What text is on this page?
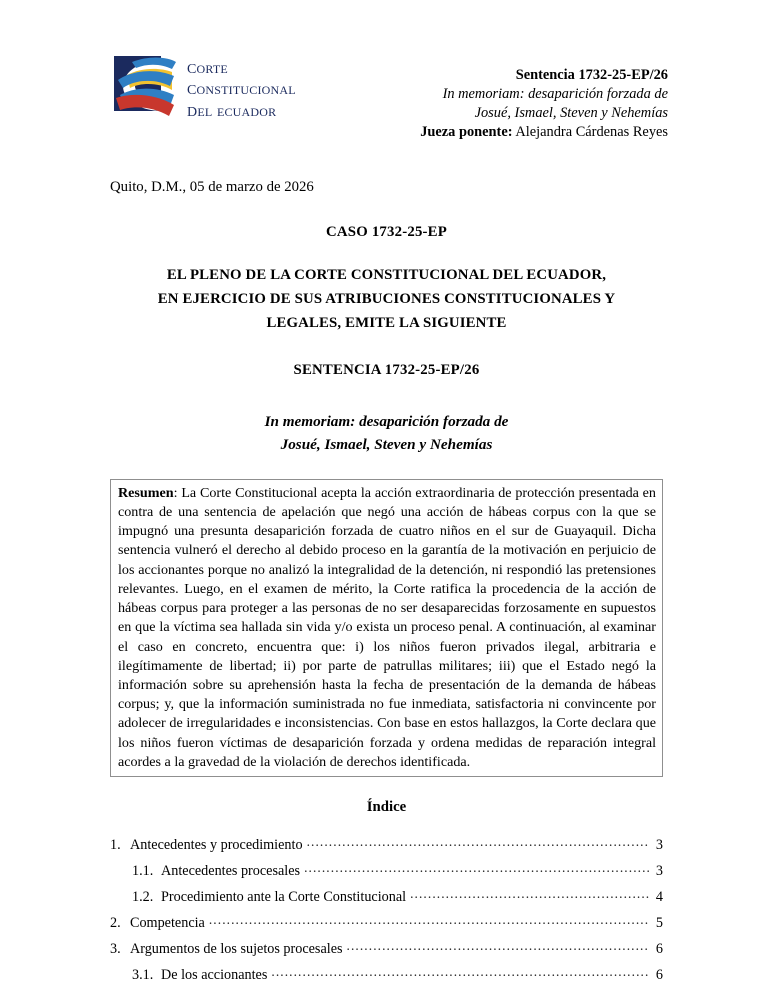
corte
constitucional
del ecuador
Sentencia 1732-25-EP/26
In memoriam: desaparición forzada de
Josué, Ismael, Steven y Nehemías
Jueza ponente: Alejandra Cárdenas Reyes
Quito, D.M., 05 de marzo de 2026
CASO 1732-25-EP
EL PLENO DE LA CORTE CONSTITUCIONAL DEL ECUADOR,
EN EJERCICIO DE SUS ATRIBUCIONES CONSTITUCIONALES Y
LEGALES, EMITE LA SIGUIENTE
SENTENCIA 1732-25-EP/26
In memoriam: desaparición forzada de
Josué, Ismael, Steven y Nehemías
Resumen: La Corte Constitucional acepta la acción extraordinaria de protección presentada en contra de una sentencia de apelación que negó una acción de hábeas corpus con la que se impugnó una presunta desaparición forzada de cuatro niños en el sur de Guayaquil. Dicha sentencia vulneró el derecho al debido proceso en la garantía de la motivación en perjuicio de los accionantes porque no analizó la integralidad de la detención, ni respondió las pretensiones relevantes. Luego, en el examen de mérito, la Corte ratifica la procedencia de la acción de hábeas corpus para proteger a las personas de no ser desaparecidas forzosamente en supuestos en que la víctima sea hallada sin vida y/o exista un proceso penal. A continuación, al examinar el caso en concreto, encuentra que: i) los niños fueron privados ilegal, arbitraria e ilegítimamente de libertad; ii) por parte de patrullas militares; iii) que el Estado negó la información sobre su aprehensión hasta la fecha de presentación de la demanda de hábeas corpus; y, que la información suministrada no fue inmediata, satisfactoria ni convincente por adolecer de irregularidades e inconsistencias. Con base en estos hallazgos, la Corte declara que los niños fueron víctimas de desaparición forzada y ordena medidas de reparación integral acordes a la gravedad de la violación de derechos identificada.
Índice
1. Antecedentes y procedimiento .....	3
1.1. Antecedentes procesales .....	3
1.2. Procedimiento ante la Corte Constitucional .....	4
2. Competencia .....	5
3. Argumentos de los sujetos procesales .....	6
3.1. De los accionantes .....	6
